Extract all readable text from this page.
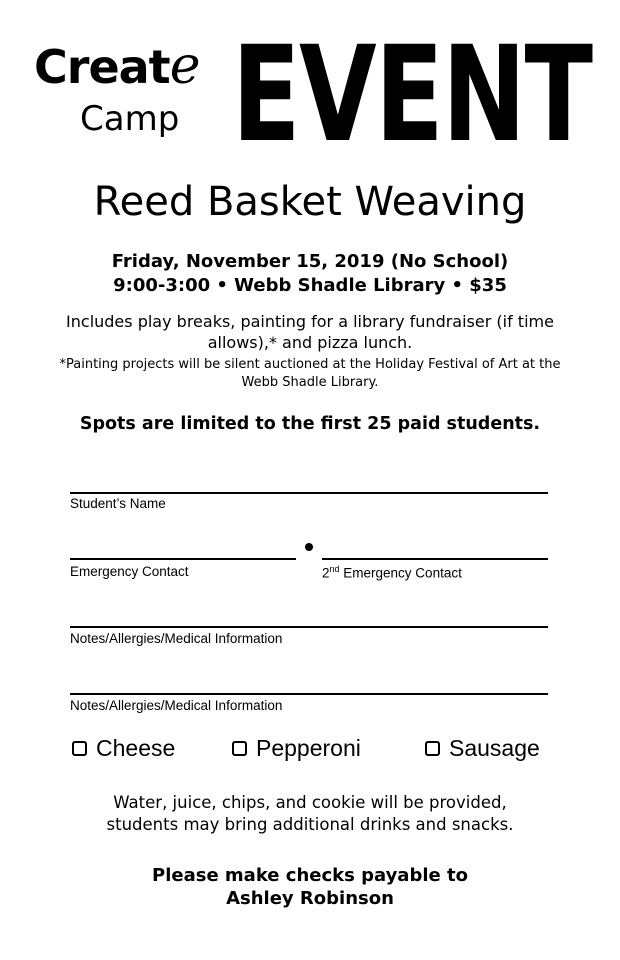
Create
Camp EVENT
Reed Basket Weaving
Friday, November 15, 2019 (No School)
9:00-3:00 • Webb Shadle Library • $35
Includes play breaks, painting for a library fundraiser (if time allows),* and pizza lunch.
*Painting projects will be silent auctioned at the Holiday Festival of Art at the Webb Shadle Library.
Spots are limited to the first 25 paid students.
Student’s Name
Emergency Contact	2nd Emergency Contact
Notes/Allergies/Medical Information
Notes/Allergies/Medical Information
Cheese	Pepperoni	Sausage
Water, juice, chips, and cookie will be provided,
students may bring additional drinks and snacks.
Please make checks payable to
Ashley Robinson
